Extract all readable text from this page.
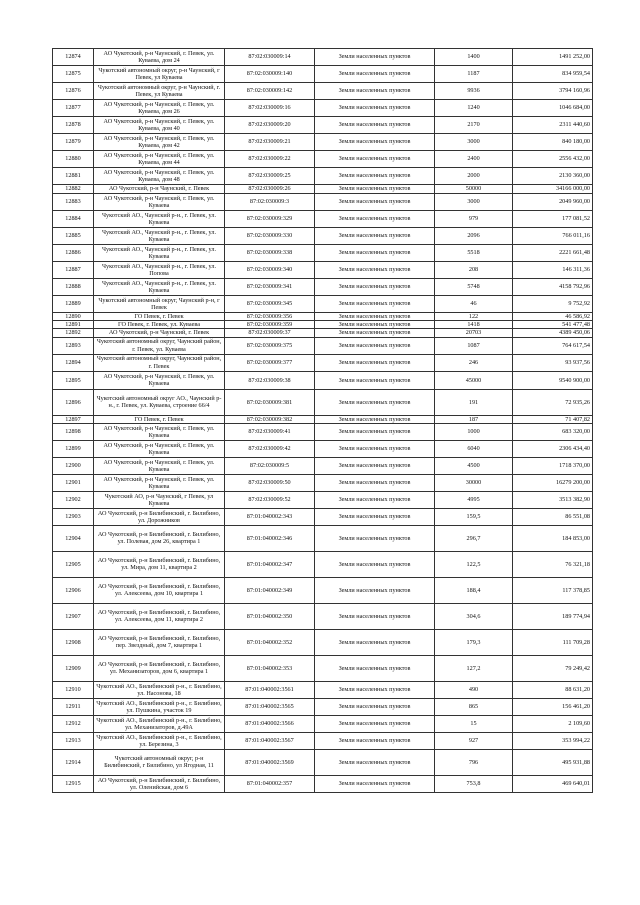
12874	АО Чукотский, р-н Чаунский, г. Певек, ул. Куваева, дом 24	87:02:030009:14	Земли населенных пунктов	1400	1491 252,00
12875	Чукотский автономный округ, р-н Чаунский, г Певек, ул Куваева	87:02:030009:140	Земли населенных пунктов	1187	834 959,54
12876	Чукотский автономный округ, р-н Чаунский, г. Певек, ул Куваева	87:02:030009:142	Земли населенных пунктов	9936	3794 160,96
12877	АО Чукотский, р-н Чаунский, г. Певек, ул. Куваева, дом 26	87:02:030009:16	Земли населенных пунктов	1240	1046 684,00
12878	АО Чукотский, р-н Чаунский, г. Певек, ул. Куваева, дом 40	87:02:030009:20	Земли населенных пунктов	2170	2311 440,60
12879	АО Чукотский, р-н Чаунский, г. Певек, ул. Куваева, дом 42	87:02:030009:21	Земли населенных пунктов	3000	840 180,00
12880	АО Чукотский, р-н Чаунский, г. Певек, ул. Куваева, дом 44	87:02:030009:22	Земли населенных пунктов	2400	2556 432,00
12881	АО Чукотский, р-н Чаунский, г. Певек, ул. Куваева, дом 48	87:02:030009:25	Земли населенных пунктов	2000	2130 360,00
12882	АО Чукотский, р-н Чаунский, г. Певек	87:02:030009:26	Земли населенных пунктов	50000	34166 000,00
12883	АО Чукотский, р-н Чаунский, г. Певек, ул. Куваева	87:02:030009:3	Земли населенных пунктов	3000	2049 960,00
12884	Чукотский АО., Чаунский р-н., г. Певек, ул. Куваева	87:02:030009:329	Земли населенных пунктов	979	177 081,52
12885	Чукотский АО., Чаунский р-н., г. Певек, ул. Куваева	87:02:030009:330	Земли населенных пунктов	2096	766 011,16
12886	Чукотский АО., Чаунский р-н., г. Певек, ул. Куваева	87:02:030009:338	Земли населенных пунктов	5518	2221 661,48
12887	Чукотский АО., Чаунский р-н., г. Певек, ул. Попова	87:02:030009:340	Земли населенных пунктов	208	146 311,36
12888	Чукотский АО., Чаунский р-н., г. Певек, ул. Куваева	87:02:030009:341	Земли населенных пунктов	5748	4158 792,96
12889	Чукотский автономный округ, Чаунский р-н, г Певек	87:02:030009:345	Земли населенных пунктов	46	9 752,92
12890	ГО Певек, г. Певек	87:02:030009:356	Земли населенных пунктов	122	46 586,92
12891	ГО Певек, г. Певек, ул. Куваева	87:02:030009:359	Земли населенных пунктов	1418	541 477,48
12892	АО Чукотский, р-н Чаунский, г. Певек	87:02:030009:37	Земли населенных пунктов	20703	4389 450,06
12893	Чукотский автономный округ, Чаунский район, г. Певек, ул. Куваева	87:02:030009:375	Земли населенных пунктов	1087	764 617,54
12894	Чукотский автономный округ, Чаунский район, г. Певек	87:02:030009:377	Земли населенных пунктов	246	93 937,56
12895	АО Чукотский, р-н Чаунский, г. Певек, ул. Куваева	87:02:030009:38	Земли населенных пунктов	45000	9540 900,00
12896	Чукотский автономный округ АО., Чаунский р-н., г. Певек, ул. Куваева, строение 66/4	87:02:030009:381	Земли населенных пунктов	191	72 935,26
12897	ГО Певек, г. Певек	87:02:030009:382	Земли населенных пунктов	187	71 407,82
12898	АО Чукотский, р-н Чаунский, г. Певек, ул. Куваева	87:02:030009:41	Земли населенных пунктов	1000	683 320,00
12899	АО Чукотский, р-н Чаунский, г. Певек, ул. Куваева	87:02:030009:42	Земли населенных пунктов	6040	2306 434,40
12900	АО Чукотский, р-н Чаунский, г. Певек, ул. Куваева	87:02:030009:5	Земли населенных пунктов	4500	1718 370,00
12901	АО Чукотский, р-н Чаунский, г. Певек, ул. Куваева	87:02:030009:50	Земли населенных пунктов	30000	16279 200,00
12902	Чукотский АО, р-н Чаунский, г Певек, ул Куваева	87:02:030009:52	Земли населенных пунктов	4995	3513 382,90
12903	АО Чукотский, р-н Билибинский, г. Билибино, ул. Дорожников	87:01:040002:343	Земли населенных пунктов	159,5	86 551,08
12904	АО Чукотский, р-н Билибинский, г. Билибино, ул. Полевая, дом 26, квартира 1	87:01:040002:346	Земли населенных пунктов	296,7	184 853,00
12905	АО Чукотский, р-н Билибинский, г. Билибино, ул. Мира, дом 11, квартира 2	87:01:040002:347	Земли населенных пунктов	122,5	76 321,18
12906	АО Чукотский, р-н Билибинский, г. Билибино, ул. Алексеева, дом 10, квартира 1	87:01:040002:349	Земли населенных пунктов	188,4	117 378,85
12907	АО Чукотский, р-н Билибинский, г. Билибино, ул. Алексеева, дом 11, квартира 2	87:01:040002:350	Земли населенных пунктов	304,6	189 774,94
12908	АО Чукотский, р-н Билибинский, г. Билибино, пер. Звездный, дом 7, квартира 1	87:01:040002:352	Земли населенных пунктов	179,3	111 709,28
12909	АО Чукотский, р-н Билибинский, г. Билибино, ул. Механизаторов, дом 6, квартира 1	87:01:040002:353	Земли населенных пунктов	127,2	79 249,42
12910	Чукотский АО., Билибинский р-н., г. Билибино, ул. Насонова, 18	87:01:040002:3561	Земли населенных пунктов	490	88 631,20
12911	Чукотский АО., Билибинский р-н., г. Билибино, ул. Пушкина, участок 19	87:01:040002:3565	Земли населенных пунктов	865	156 461,20
12912	Чукотский АО., Билибинский р-н., г. Билибино, ул. Механизаторов, д.49А	87:01:040002:3566	Земли населенных пунктов	15	2 109,60
12913	Чукотский АО., Билибинский р-н., г. Билибино, ул. Березина, 3	87:01:040002:3567	Земли населенных пунктов	927	353 994,22
12914	Чукотский автономный округ, р-н Билибинский, г Билибино, ул Ягодная, 11	87:01:040002:3569	Земли населенных пунктов	796	495 931,88
12915	АО Чукотский, р-н Билибинский, г. Билибино, ул. Оленийская, дом 6	87:01:040002:357	Земли населенных пунктов	753,8	469 640,01
